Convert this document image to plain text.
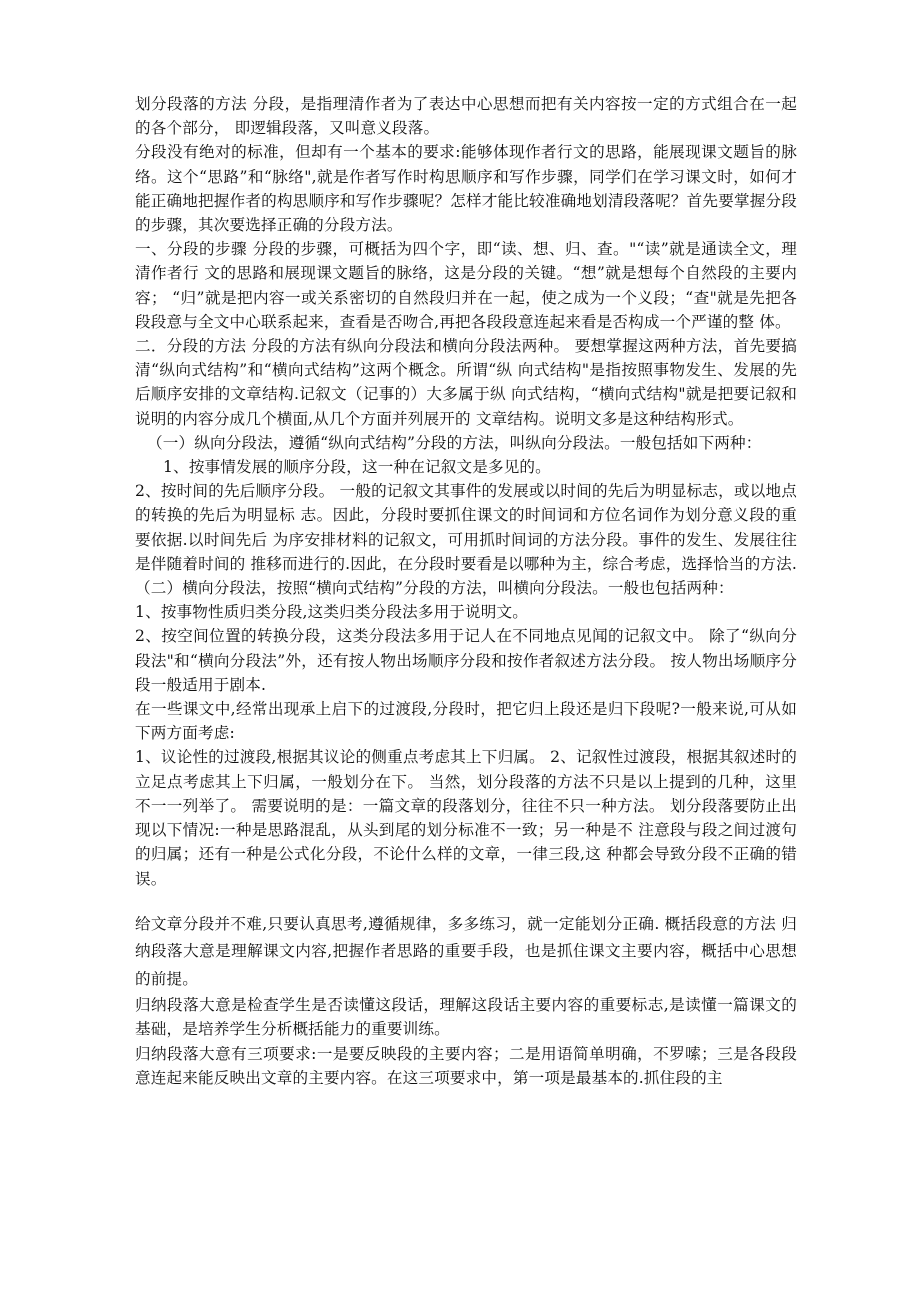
划分段落的方法 分段，是指理清作者为了表达中心思想而把有关内容按一定的方式组合在一起的各个部分， 即逻辑段落，又叫意义段落。

分段没有绝对的标准，但却有一个基本的要求:能够体现作者行文的思路，能展现课文题旨的脉络。这个“思路”和“脉络",就是作者写作时构思顺序和写作步骤，同学们在学习课文时，如何才能正确地把握作者的构思顺序和写作步骤呢？怎样才能比较准确地划清段落呢？首先要掌握分段的步骤，其次要选择正确的分段方法。

一、分段的步骤 分段的步骤，可概括为四个字，即“读、想、归、查。"“读”就是通读全文，理清作者行 文的思路和展现课文题旨的脉络，这是分段的关键。“想”就是想每个自然段的主要内容； “归”就是把内容一或关系密切的自然段归并在一起，使之成为一个义段；“查"就是先把各 段段意与全文中心联系起来，查看是否吻合,再把各段段意连起来看是否构成一个严谨的整 体。

二．分段的方法 分段的方法有纵向分段法和横向分段法两种。 要想掌握这两种方法，首先要搞清“纵向式结构”和“横向式结构”这两个概念。所谓“纵 向式结构"是指按照事物发生、发展的先后顺序安排的文章结构.记叙文（记事的）大多属于纵 向式结构，“横向式结构"就是把要记叙和说明的内容分成几个横面,从几个方面并列展开的 文章结构。说明文多是这种结构形式。

（一）纵向分段法，遵循“纵向式结构”分段的方法，叫纵向分段法。一般包括如下两种：

1、按事情发展的顺序分段，这一种在记叙文是多见的。

2、按时间的先后顺序分段。 一般的记叙文其事件的发展或以时间的先后为明显标志，或以地点的转换的先后为明显标 志。因此，分段时要抓住课文的时间词和方位名词作为划分意义段的重要依据.以时间先后 为序安排材料的记叙文，可用抓时间词的方法分段。事件的发生、发展往往是伴随着时间的 推移而进行的.因此，在分段时要看是以哪种为主，综合考虑，选择恰当的方法.（二）横向分段法，按照“横向式结构”分段的方法，叫横向分段法。一般也包括两种：

1、按事物性质归类分段,这类归类分段法多用于说明文。

2、按空间位置的转换分段，这类分段法多用于记人在不同地点见闻的记叙文中。 除了“纵向分段法"和“横向分段法”外，还有按人物出场顺序分段和按作者叙述方法分段。 按人物出场顺序分段一般适用于剧本.

在一些课文中,经常出现承上启下的过渡段,分段时，把它归上段还是归下段呢?一般来说,可从如下两方面考虑:

1、议论性的过渡段,根据其议论的侧重点考虑其上下归属。 2、记叙性过渡段，根据其叙述时的立足点考虑其上下归属，一般划分在下。 当然，划分段落的方法不只是以上提到的几种，这里不一一列举了。 需要说明的是：一篇文章的段落划分，往往不只一种方法。 划分段落要防止出现以下情况:一种是思路混乱，从头到尾的划分标准不一致；另一种是不 注意段与段之间过渡句的归属；还有一种是公式化分段，不论什么样的文章，一律三段,这 种都会导致分段不正确的错误。

给文章分段并不难,只要认真思考,遵循规律，多多练习，就一定能划分正确. 概括段意的方法 归纳段落大意是理解课文内容,把握作者思路的重要手段，也是抓住课文主要内容，概括中心思想的前提。

归纳段落大意是检查学生是否读懂这段话，理解这段话主要内容的重要标志,是读懂一篇课文的基础，是培养学生分析概括能力的重要训练。

归纳段落大意有三项要求:一是要反映段的主要内容；二是用语简单明确，不罗嗦；三是各段段意连起来能反映出文章的主要内容。在这三项要求中，第一项是最基本的.抓住段的主
